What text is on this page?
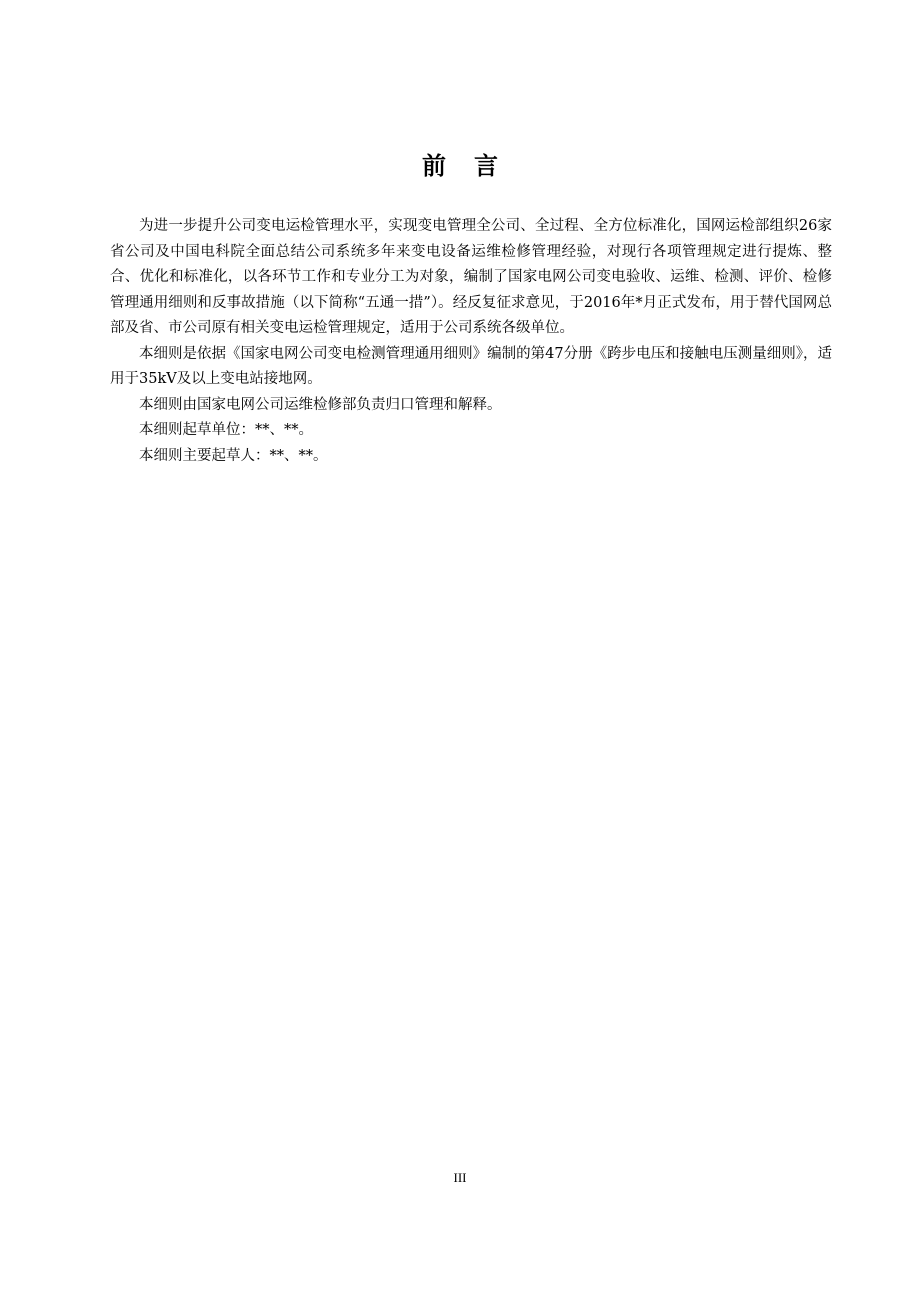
前言

为进一步提升公司变电运检管理水平，实现变电管理全公司、全过程、全方位标准化，国网运检部组织26家省公司及中国电科院全面总结公司系统多年来变电设备运维检修管理经验，对现行各项管理规定进行提炼、整合、优化和标准化，以各环节工作和专业分工为对象，编制了国家电网公司变电验收、运维、检测、评价、检修管理通用细则和反事故措施（以下简称“五通一措”）。经反复征求意见，于2016年*月正式发布，用于替代国网总部及省、市公司原有相关变电运检管理规定，适用于公司系统各级单位。

本细则是依据《国家电网公司变电检测管理通用细则》编制的第47分册《跨步电压和接触电压测量细则》，适用于35kV及以上变电站接地网。

本细则由国家电网公司运维检修部负责归口管理和解释。

本细则起草单位：**、**。

本细则主要起草人：**、**。

III
